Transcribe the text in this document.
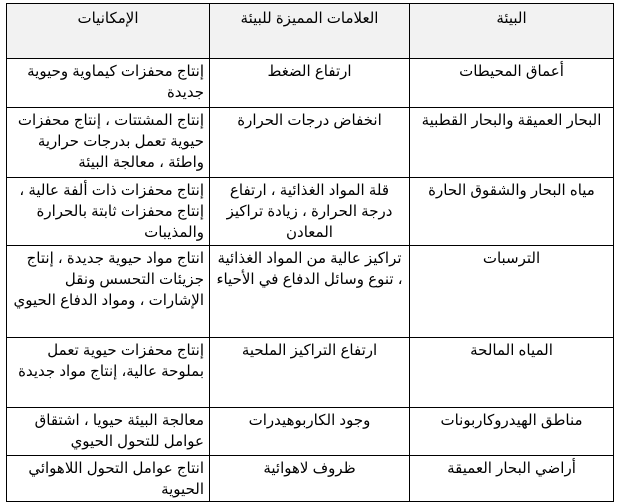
البيئة	العلامات المميزة للبيئة	الإمكانيات
أعماق المحيطات	ارتفاع الضغط	إنتاج محفزات كيماوية وحيوية جديدة
البحار العميقة والبحار القطبية	انخفاض درجات الحرارة	إنتاج المشتتات ، إنتاج محفزات حيوية تعمل بدرجات حرارية واطئة ، معالجة البيئة
مياه البحار والشقوق الحارة	قلة المواد الغذائية ، ارتفاع درجة الحرارة ، زيادة تراكيز المعادن	إنتاج محفزات ذات ألفة عالية ، إنتاج محفزات ثابتة بالحرارة والمذيبات
الترسبات	تراكيز عالية من المواد الغذائية ، تنوع وسائل الدفاع في الأحياء	انتاج مواد حيوية جديدة ، إنتاج جزيئات التحسس ونقل الإشارات ، ومواد الدفاع الحيوي
المياه المالحة	ارتفاع التراكيز الملحية	إنتاج محفزات حيوية تعمل بملوحة عالية، إنتاج مواد جديدة
مناطق الهيدروكاربونات	وجود الكاربوهيدرات	معالجة البيئة حيويا ، اشتقاق عوامل للتحول الحيوي
أراضي البحار العميقة	ظروف لاهوائية	انتاج عوامل التحول اللاهوائي الحيوية
